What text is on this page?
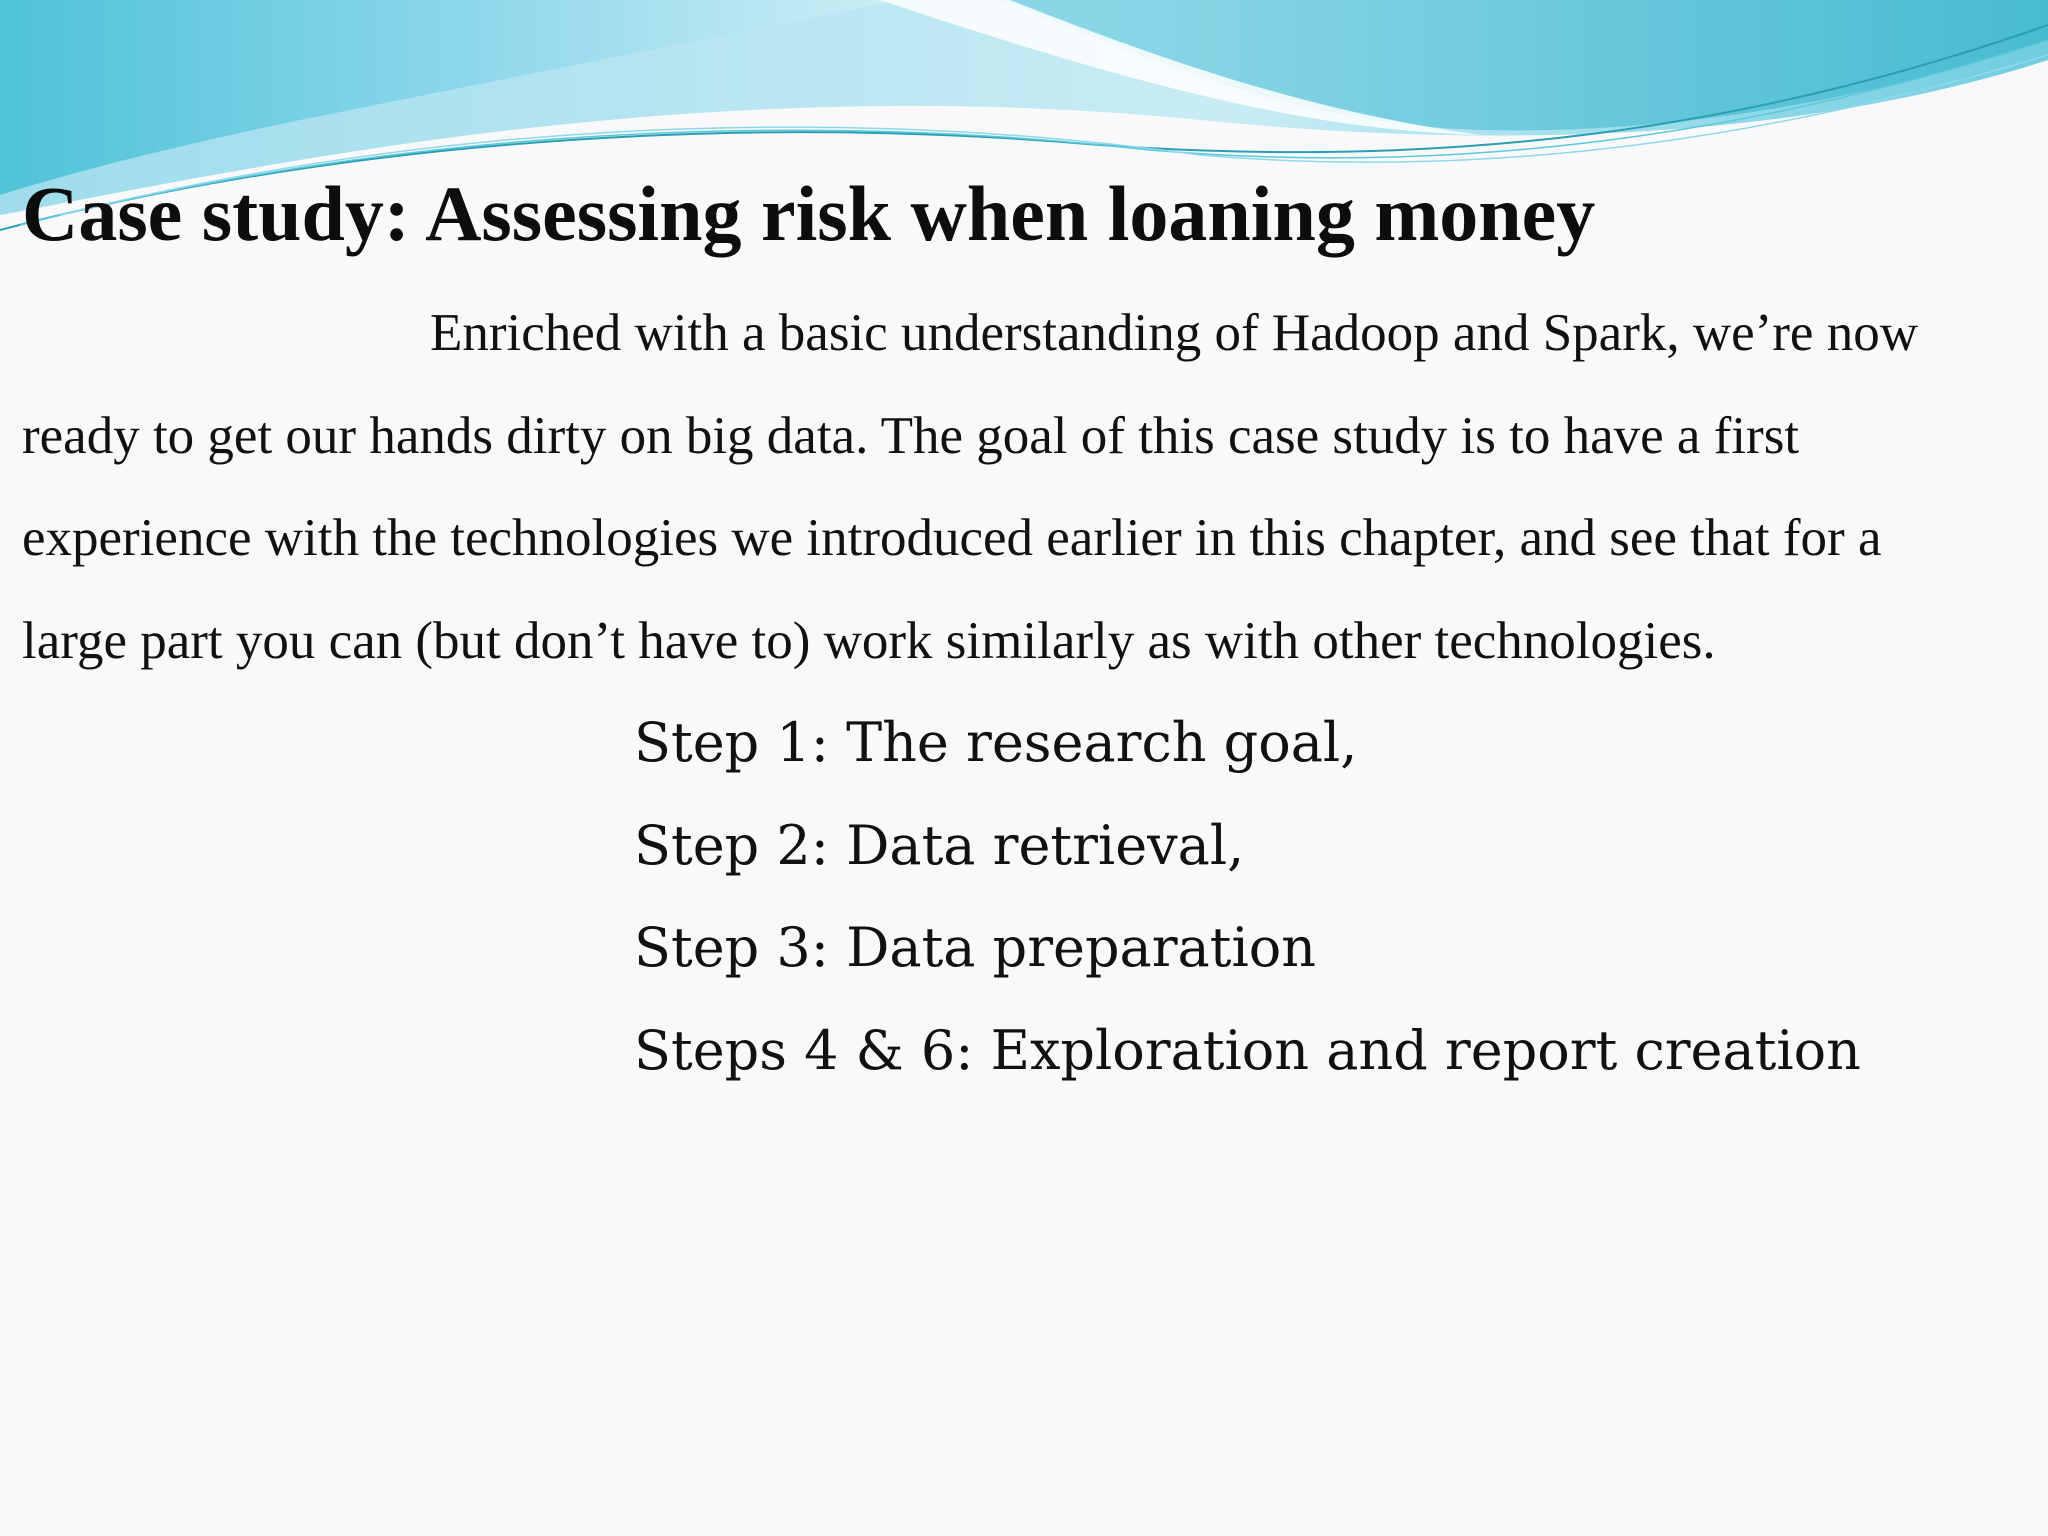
Case study: Assessing risk when loaning money
Enriched with a basic understanding of Hadoop and Spark, we’re now
ready to get our hands dirty on big data. The goal of this case study is to have a first
experience with the technologies we introduced earlier in this chapter, and see that for a
large part you can (but don’t have to) work similarly as with other technologies.
Step 1: The research goal,
Step 2: Data retrieval,
Step 3: Data preparation
Steps 4 & 6: Exploration and report creation
